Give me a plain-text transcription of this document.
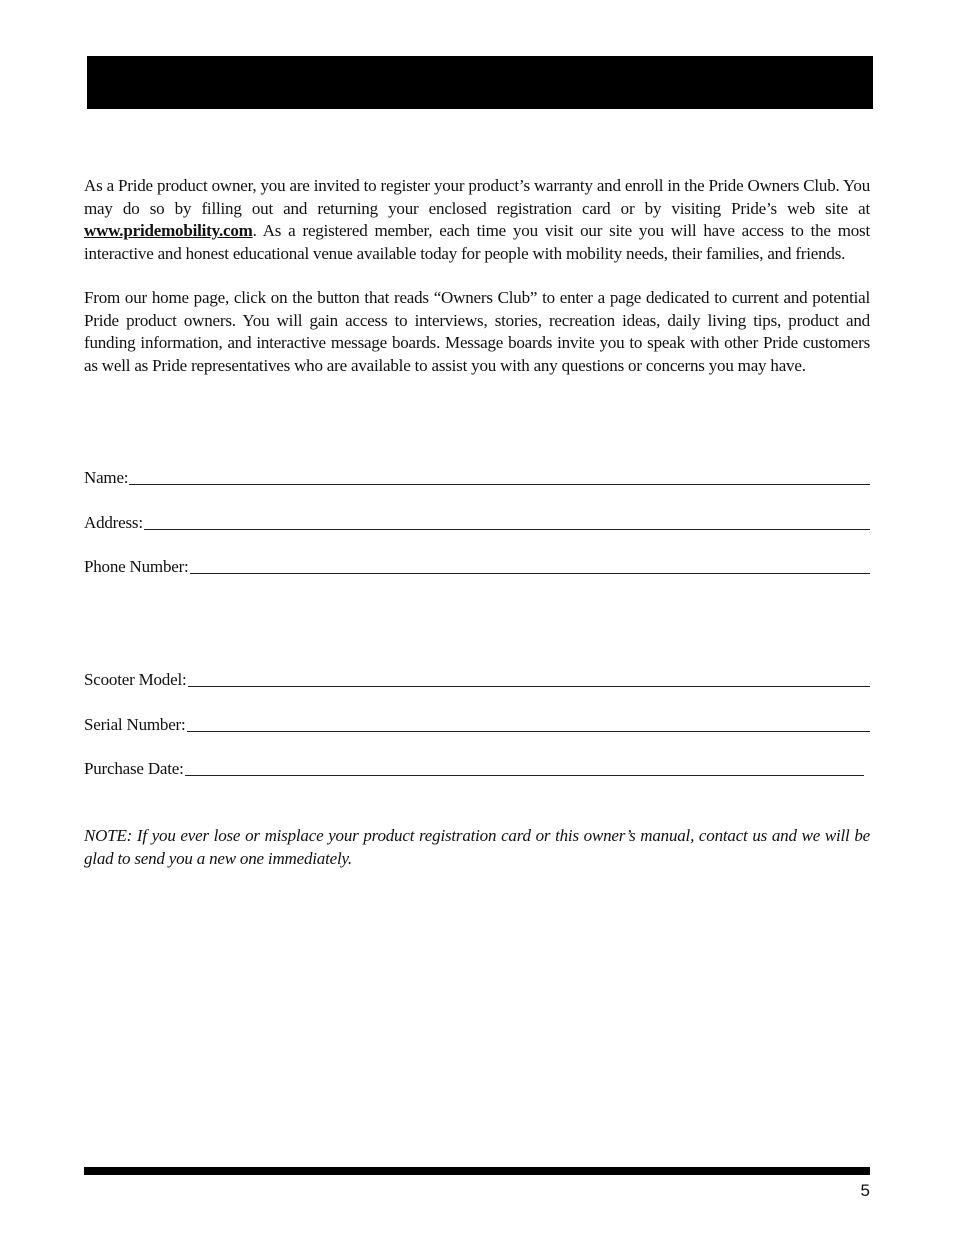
As a Pride product owner, you are invited to register your product’s warranty and enroll in the Pride Owners Club. You may do so by filling out and returning your enclosed registration card or by visiting Pride’s web site at www.pridemobility.com. As a registered member, each time you visit our site you will have access to the most interactive and honest educational venue available today for people with mobility needs, their families, and friends.

From our home page, click on the button that reads “Owners Club” to enter a page dedicated to current and potential Pride product owners. You will gain access to interviews, stories, recreation ideas, daily living tips, product and funding information, and interactive message boards. Message boards invite you to speak with other Pride customers as well as Pride representatives who are available to assist you with any questions or concerns you may have.

Name:
Address:
Phone Number:
Scooter Model:
Serial Number:
Purchase Date:

NOTE: If you ever lose or misplace your product registration card or this owner’s manual, contact us and we will be glad to send you a new one immediately.

5
